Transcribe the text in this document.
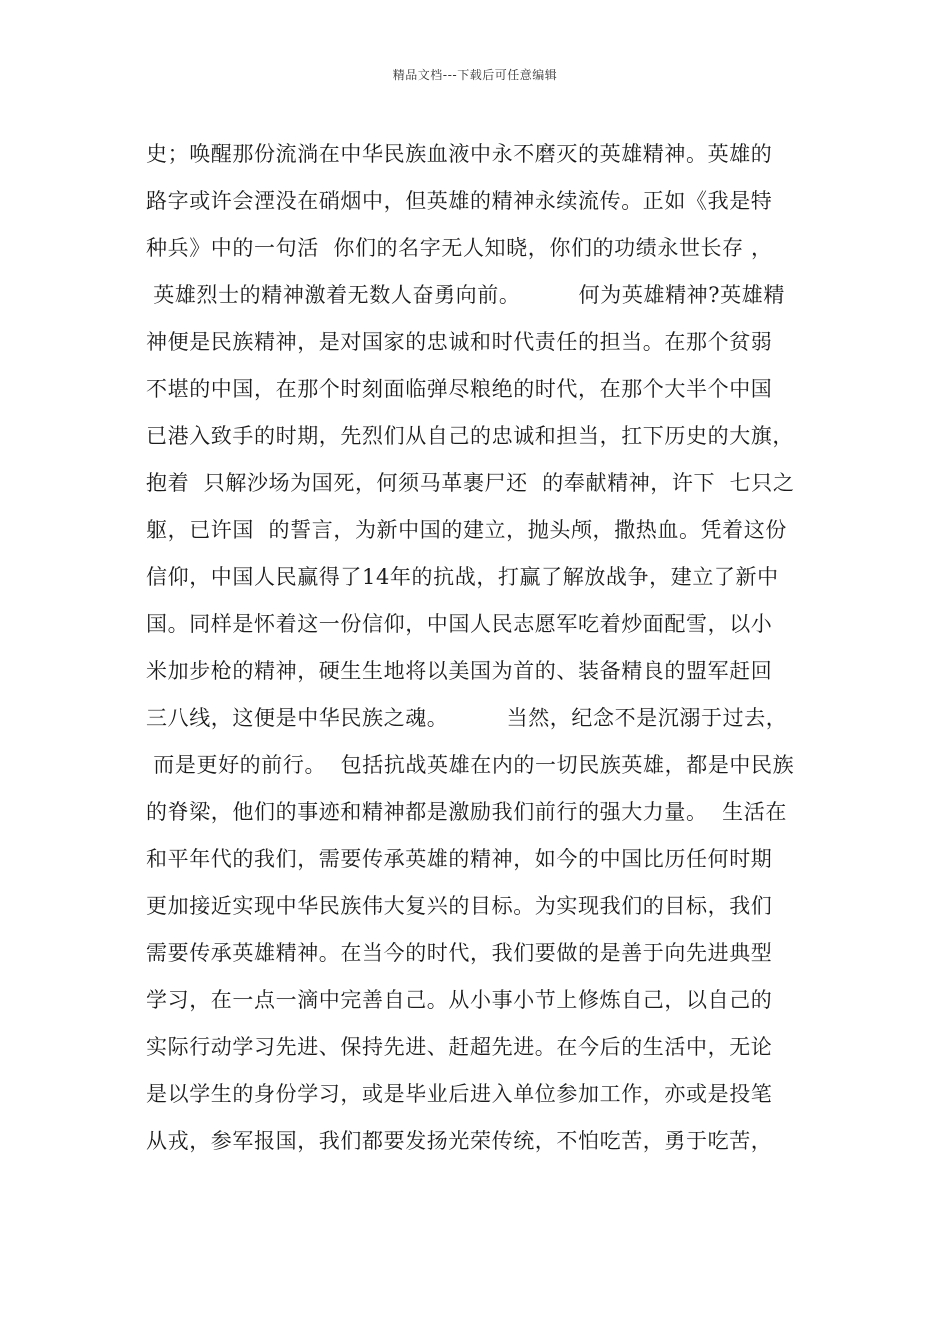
精品文档---下载后可任意编辑
史；唤醒那份流淌在中华民族血液中永不磨灭的英雄精神。英雄的
路字或许会湮没在硝烟中，但英雄的精神永续流传。正如《我是特
种兵》中的一句活  你们的名字无人知晓，你们的功绩永世长存 ，
英雄烈士的精神激着无数人奋勇向前。        何为英雄精神?英雄精
神便是民族精神，是对国家的忠诚和时代责任的担当。在那个贫弱
不堪的中国，在那个时刻面临弹尽粮绝的时代，在那个大半个中国
已港入致手的时期，先烈们从自己的忠诚和担当，扛下历史的大旗，
抱着  只解沙场为国死，何须马革裹尸还  的奉献精神，许下  七只之
躯，已许国  的誓言，为新中国的建立，抛头颅，撒热血。凭着这份
信仰，中国人民赢得了14年的抗战，打赢了解放战争，建立了新中
国。同样是怀着这一份信仰，中国人民志愿军吃着炒面配雪，以小
米加步枪的精神，硬生生地将以美国为首的、装备精良的盟军赶回
三八线，这便是中华民族之魂。        当然，纪念不是沉溺于过去，
而是更好的前行。  包括抗战英雄在内的一切民族英雄，都是中民族
的脊梁，他们的事迹和精神都是激励我们前行的强大力量。  生活在
和平年代的我们，需要传承英雄的精神，如今的中国比历任何时期
更加接近实现中华民族伟大复兴的目标。为实现我们的目标，我们
需要传承英雄精神。在当今的时代，我们要做的是善于向先进典型
学习，在一点一滴中完善自己。从小事小节上修炼自己，以自己的
实际行动学习先进、保持先进、赶超先进。在今后的生活中，无论
是以学生的身份学习，或是毕业后进入单位参加工作，亦或是投笔
从戎，参军报国，我们都要发扬光荣传统，不怕吃苦，勇于吃苦，
